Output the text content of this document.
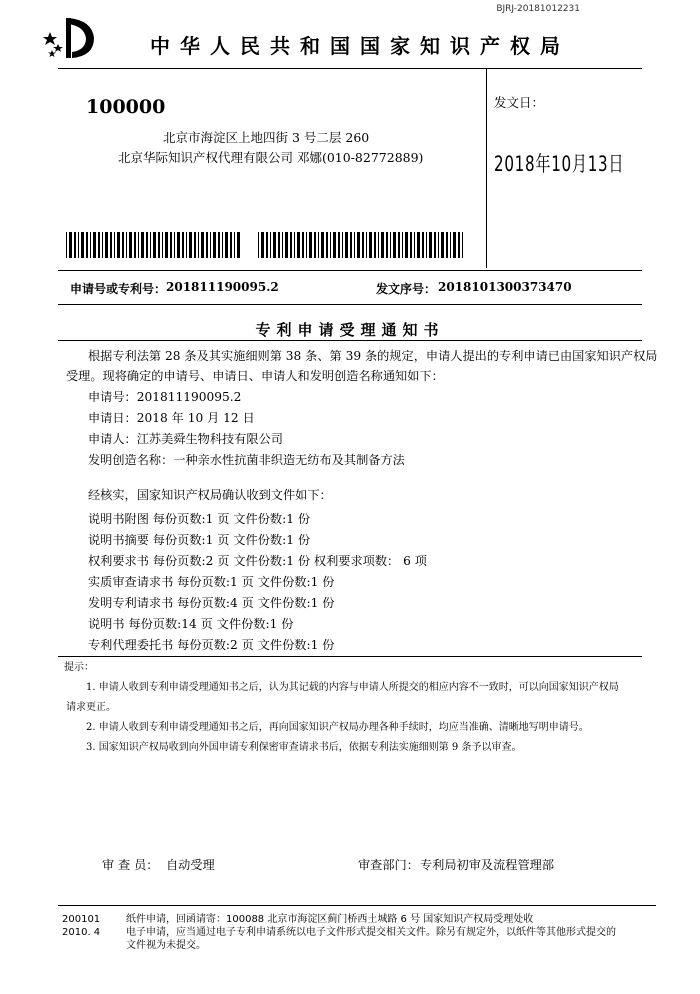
BJRJ-20181012231
中华人民共和国国家知识产权局
100000
北京市海淀区上地四街 3 号二层 260
北京华际知识产权代理有限公司 邓娜(010-82772889)
发文日：
2018年10月13日
申请号或专利号： 201811190095.2	发文序号： 2018101300373470
专利申请受理通知书
根据专利法第 28 条及其实施细则第 38 条、第 39 条的规定，申请人提出的专利申请已由国家知识产权局
受理。现将确定的申请号、申请日、申请人和发明创造名称通知如下：
申请号：201811190095.2
申请日：2018 年 10 月 12 日
申请人：江苏美舜生物科技有限公司
发明创造名称：一种亲水性抗菌非织造无纺布及其制备方法
经核实，国家知识产权局确认收到文件如下：
说明书附图 每份页数:1 页 文件份数:1 份
说明书摘要 每份页数:1 页 文件份数:1 份
权利要求书 每份页数:2 页 文件份数:1 份 权利要求项数： 6 项
实质审查请求书 每份页数:1 页 文件份数:1 份
发明专利请求书 每份页数:4 页 文件份数:1 份
说明书 每份页数:14 页 文件份数:1 份
专利代理委托书 每份页数:2 页 文件份数:1 份
提示：
1. 申请人收到专利申请受理通知书之后，认为其记载的内容与申请人所提交的相应内容不一致时，可以向国家知识产权局
请求更正。
2. 申请人收到专利申请受理通知书之后，再向国家知识产权局办理各种手续时，均应当准确、清晰地写明申请号。
3. 国家知识产权局收到向外国申请专利保密审查请求书后，依据专利法实施细则第 9 条予以审查。
审 查 员： 自动受理	审查部门： 专利局初审及流程管理部
200101
2010. 4
纸件申请，回函请寄：100088 北京市海淀区蓟门桥西土城路 6 号 国家知识产权局受理处收
电子申请，应当通过电子专利申请系统以电子文件形式提交相关文件。除另有规定外，以纸件等其他形式提交的
文件视为未提交。
